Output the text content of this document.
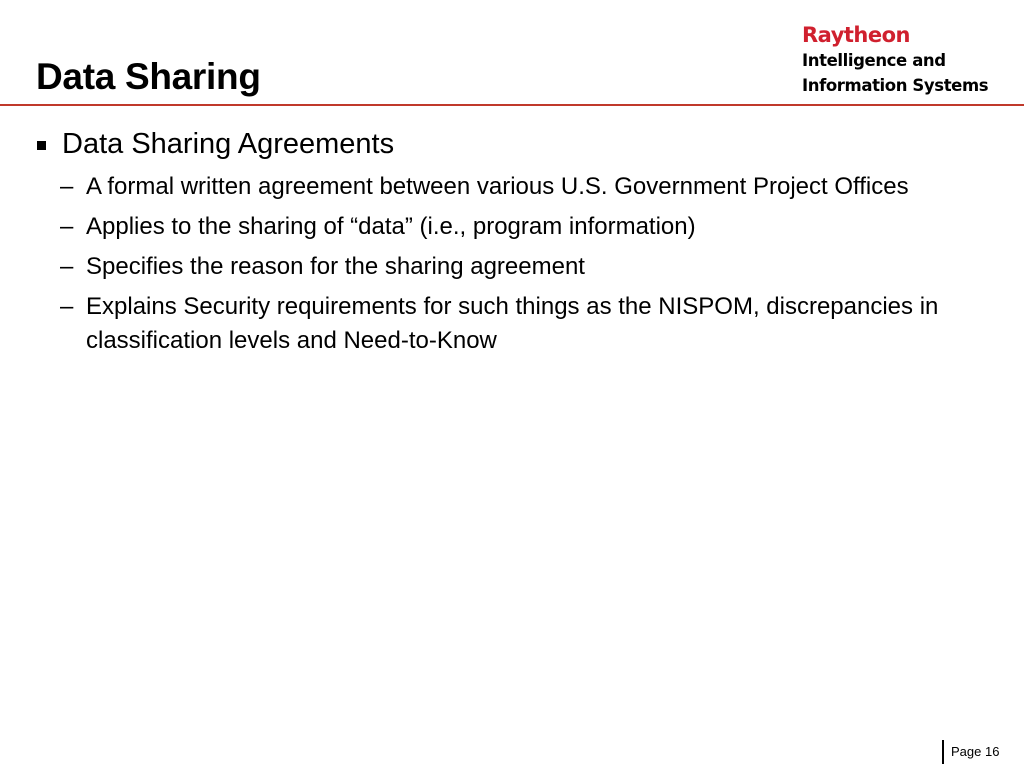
Data Sharing
Raytheon
Intelligence and
Information Systems
Data Sharing Agreements
– A formal written agreement between various U.S. Government Project Offices
– Applies to the sharing of “data” (i.e., program information)
– Specifies the reason for the sharing agreement
– Explains Security requirements for such things as the NISPOM, discrepancies in classification levels and Need-to-Know
Page 16
